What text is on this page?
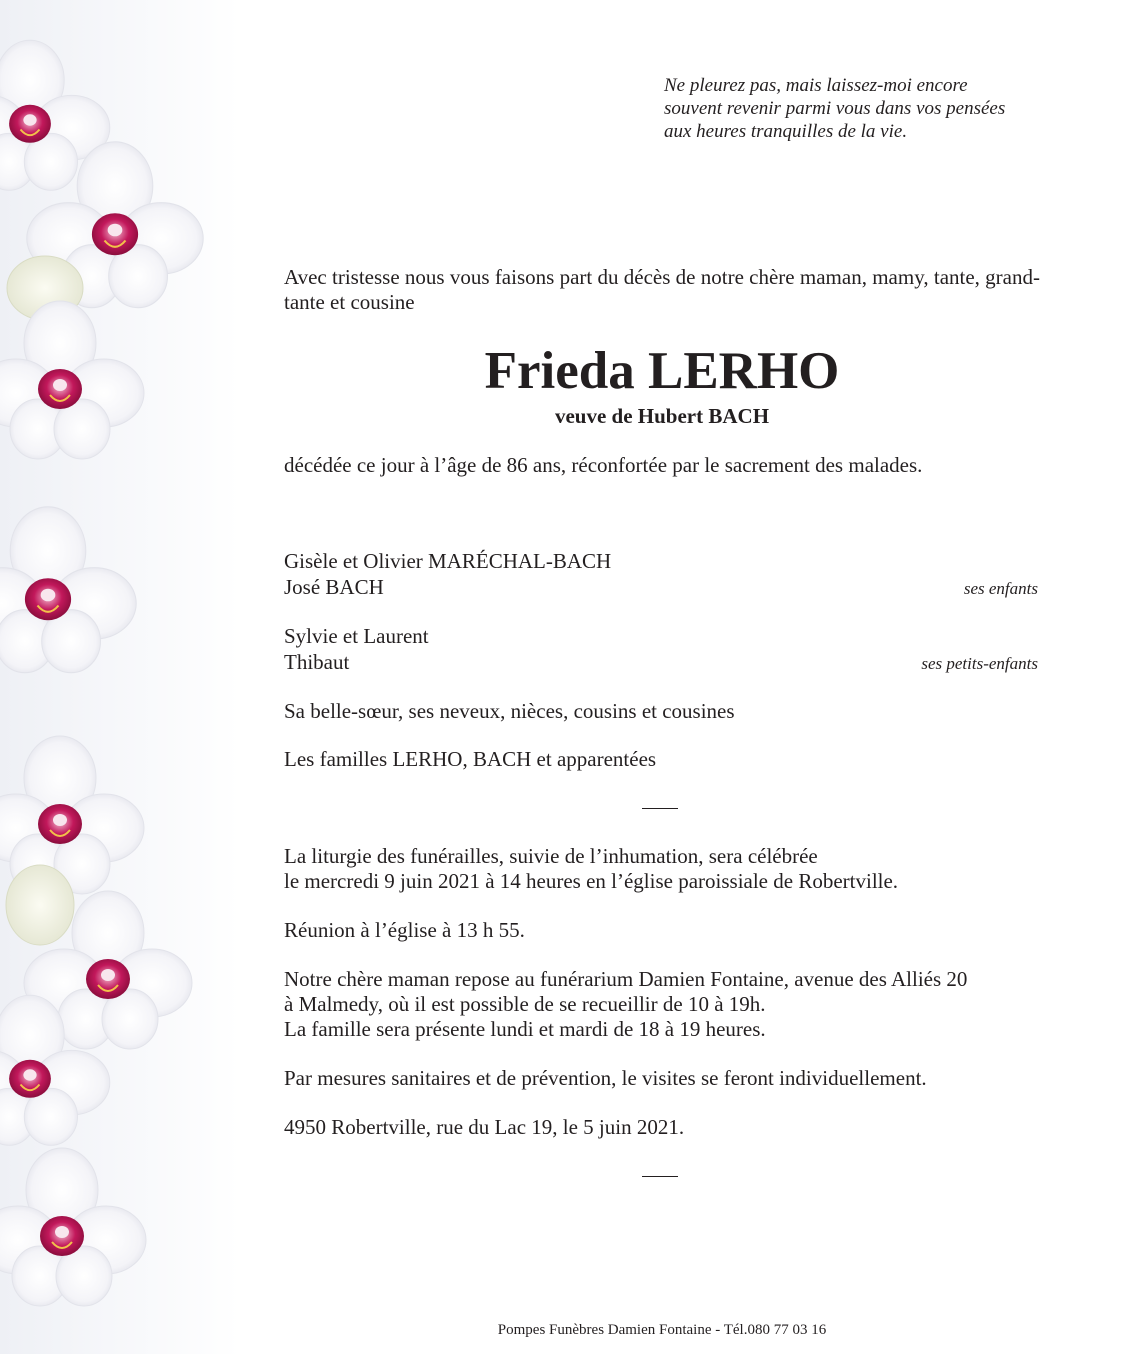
Ne pleurez pas, mais laissez-moi encore
souvent revenir parmi vous dans vos pensées
aux heures tranquilles de la vie.
Avec tristesse nous vous faisons part du décès de notre chère maman, mamy, tante, grand-tante et cousine
Frieda LERHO
veuve de Hubert BACH
décédée ce jour à l’âge de 86 ans, réconfortée par le sacrement des malades.
Gisèle et Olivier MARÉCHAL-BACH
José BACH	ses enfants
Sylvie et Laurent
Thibaut	ses petits-enfants
Sa belle-sœur, ses neveux, nièces, cousins et cousines
Les familles LERHO, BACH et apparentées
La liturgie des funérailles, suivie de l’inhumation, sera célébrée
le mercredi 9 juin 2021 à 14 heures en l’église paroissiale de Robertville.
Réunion à l’église à 13 h 55.
Notre chère maman repose au funérarium Damien Fontaine, avenue des Alliés 20
à Malmedy, où il est possible de se recueillir de 10 à 19h.
La famille sera présente lundi et mardi de 18 à 19 heures.
Par mesures sanitaires et de prévention, le visites se feront individuellement.
4950 Robertville, rue du Lac 19, le 5 juin 2021.
Pompes Funèbres Damien Fontaine - Tél.080 77 03 16
